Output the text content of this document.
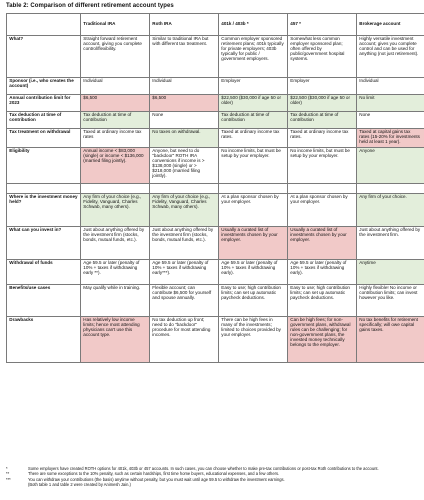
Table 2: Comparison of different retirement account types
	Traditional IRA	Roth IRA	401k / 403b *	457 *	Brokerage account
What?	Straight forward retirement account, giving you complete control/flexibility.	Similar to traditional IRA but with different tax treatment.	Common employer sponsored retirement plans; 401k typically for private employers; 403b typically for public / government employers.	Somewhat less common employer sponsored plan; often offered by public/government hospital systems.	Highly versatile investment account; gives you complete control and can be used for anything (not just retirement).
Sponsor (i.e., who creates the account)	Individual	Individual	Employer	Employer	Individual
Annual contribution limit for 2023	$6,500	$6,500	$22,500 ($30,000 if age 50 or older)	$22,500 ($30,000 if age 50 or older)	No limit
Tax deduction at time of contribution	Tax deduction at time of contribution	None	Tax deduction at time of contribution	Tax deduction at time of contribution	None
Tax treatment on withdrawal	Taxed at ordinary income tax rates	No taxes on withdrawal.	Taxed at ordinary income tax rates.	Taxed at ordinary income tax rates.	Taxed at capital gains tax rates (15-20% for investments held at least 1 year).
Eligibility	Annual income < $83,000 (single) or income < $136,000 (married filing jointly).	Anyone, but need to do "backdoor" ROTH IRA conversions if income is > $138,000 (single) or > $218,000 (married filing jointly).	No income limits, but must be setup by your employer.	No income limits, but must be setup by your employer.	Anyone

Where is the investment money held?	Any firm of your choice (e.g., Fidelity, Vanguard, Charles Schwab, many others).	Any firm of your choice (e.g., Fidelity, Vanguard, Charles Schwab, many others).	At a plan sponsor chosen by your employer.	At a plan sponsor chosen by your employer.	Any firm of your choice.
What can you invest in?	Just about anything offered by the investment firm (stocks, bonds, mutual funds, etc.).	Just about anything offered by the investment firm (stocks, bonds, mutual funds, etc.).	Usually a curated list of investments chosen by your employer.	Usually a curated list of investments chosen by your employer.	Just about anything offered by the investment firm.
Withdrawal of funds	Age 59.5 or later (penalty of 10% + taxes if withdrawing early **).	Age 59.5 or later (penalty of 10% + taxes if withdrawing early***).	Age 59.5 or later (penalty of 10% + taxes if withdrawing early).	Age 59.5 or later (penalty of 10% + taxes if withdrawing early).	Anytime
Benefits/use cases	May qualify while in training.	Flexible account; can contribute $6,500 for yourself and spouse annually.	Easy to use; high contribution limits; can set up automatic paycheck deductions.	Easy to use; high contribution limits; can set up automatic paycheck deductions.	Highly flexible! No income or contribution limits; can invest however you like.
Drawbacks	Has relatively low income limits; hence most attending physicians can't use this account type.	No tax deduction up front; need to do "backdoor" procedure for most attending incomes.	There can be high fees in many of the investments; limited to choices provided by your employer.	Can be high fees; for non-government plans, withdrawal rules can be challenging; for non-government plans, the invested money technically belongs to the employer.	No tax benefits for retirement specifically; will owe capital gains taxes.
*	Some employers have created ROTH options for 401k, 403b or 457 accounts. In such cases, you can choose whether to make pre-tax contributions or post-tax Roth contributions to the account.
**	There are some exceptions to the 10% penalty, such as certain hardships, first time home buyers, educational expenses, and a few others.
***	You can withdraw your contributions (the basis) anytime without penalty, but you must wait until age 59.5 to withdraw the investment earnings.
(Both table 1 and table 2 were created by Animesh Jain.)
